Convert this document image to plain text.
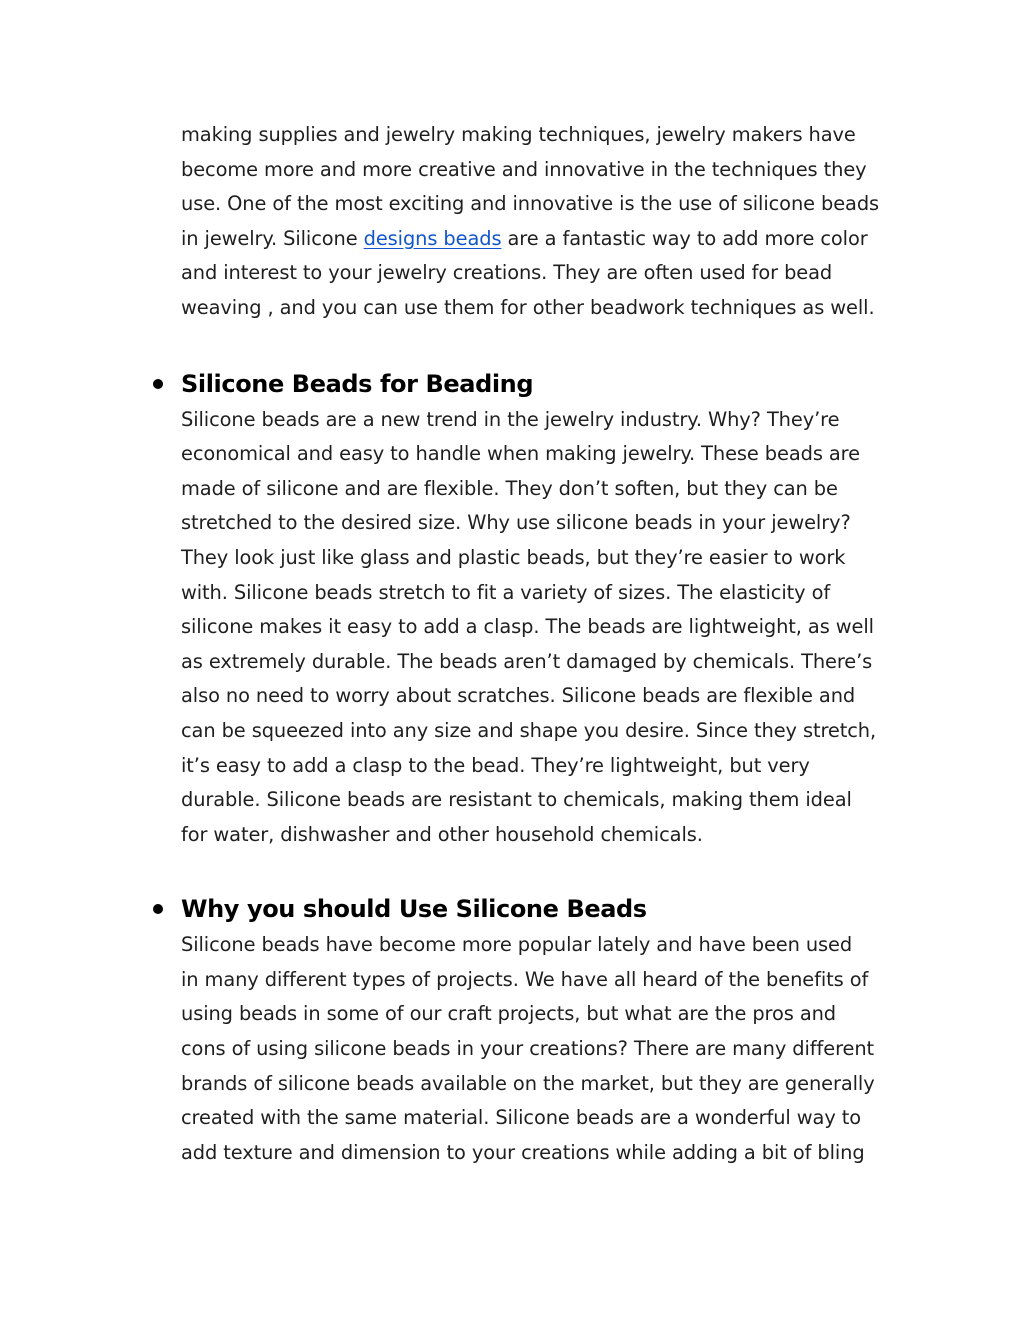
making supplies and jewelry making techniques, jewelry makers have
become more and more creative and innovative in the techniques they
use. One of the most exciting and innovative is the use of silicone beads
in jewelry. Silicone designs beads are a fantastic way to add more color
and interest to your jewelry creations. They are often used for bead
weaving , and you can use them for other beadwork techniques as well.
Silicone Beads for Beading
Silicone beads are a new trend in the jewelry industry. Why? They’re
economical and easy to handle when making jewelry. These beads are
made of silicone and are flexible. They don’t soften, but they can be
stretched to the desired size. Why use silicone beads in your jewelry?
They look just like glass and plastic beads, but they’re easier to work
with. Silicone beads stretch to fit a variety of sizes. The elasticity of
silicone makes it easy to add a clasp. The beads are lightweight, as well
as extremely durable. The beads aren’t damaged by chemicals. There’s
also no need to worry about scratches. Silicone beads are flexible and
can be squeezed into any size and shape you desire. Since they stretch,
it’s easy to add a clasp to the bead. They’re lightweight, but very
durable. Silicone beads are resistant to chemicals, making them ideal
for water, dishwasher and other household chemicals.
Why you should Use Silicone Beads
Silicone beads have become more popular lately and have been used
in many different types of projects. We have all heard of the benefits of
using beads in some of our craft projects, but what are the pros and
cons of using silicone beads in your creations? There are many different
brands of silicone beads available on the market, but they are generally
created with the same material. Silicone beads are a wonderful way to
add texture and dimension to your creations while adding a bit of bling
